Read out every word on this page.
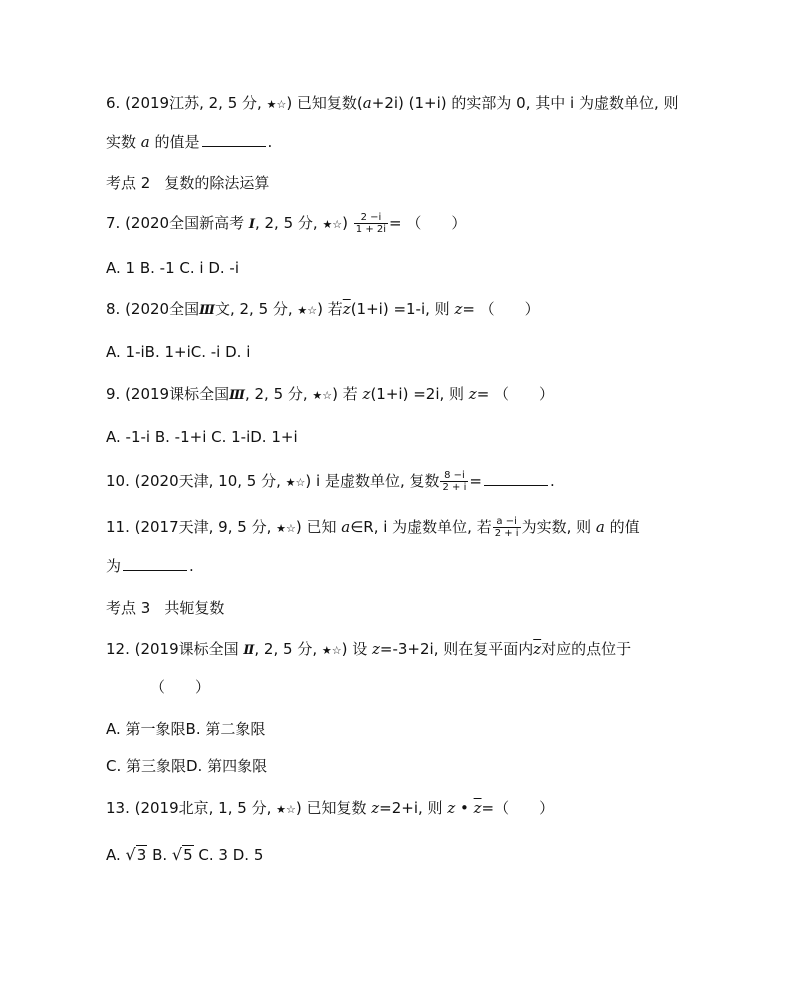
6. (2019江苏, 2, 5 分, ★☆) 已知复数(a+2i) (1+i) 的实部为 0, 其中 i 为虚数单位, 则
实数 a 的值是	.
考点 2 复数的除法运算
7. (2020全国新高考 Ⅰ, 2, 5 分, ★☆) $\frac{2 -i}{1 + 2i}$ = （　　）
A. 1 B. -1 C. i D. -i
8. (2020全国Ⅲ文, 2, 5 分, ★☆) 若$\overline{z}(1+i) =1-i$, 则 z= （　　）
A. 1-iB. 1+iC. -i D. i
9. (2019课标全国Ⅲ, 2, 5 分, ★☆) 若 z(1+i) =2i, 则 z= （　　）
A. -1-i B. -1+i C. 1-iD. 1+i
10. (2020天津, 10, 5 分, ★☆) i 是虚数单位, 复数 $\frac{8 -i}{2 + i}$ =	.
11. (2017天津, 9, 5 分, ★☆) 已知 a∈R, i 为虚数单位, 若 $\frac{a -i}{2 + i}$ 为实数, 则 a 的值
为	.
考点 3 共轭复数
12. (2019课标全国 Ⅱ, 2, 5 分, ★☆) 设 z=-3+2i, 则在复平面内$\overline{z}$对应的点位于
（　　）
A. 第一象限B. 第二象限
C. 第三象限D. 第四象限
13. (2019北京, 1, 5 分, ★☆) 已知复数 z=2+i, 则 z • $\overline{z}=$（　　）
A. √3 B. √5 C. 3 D. 5
